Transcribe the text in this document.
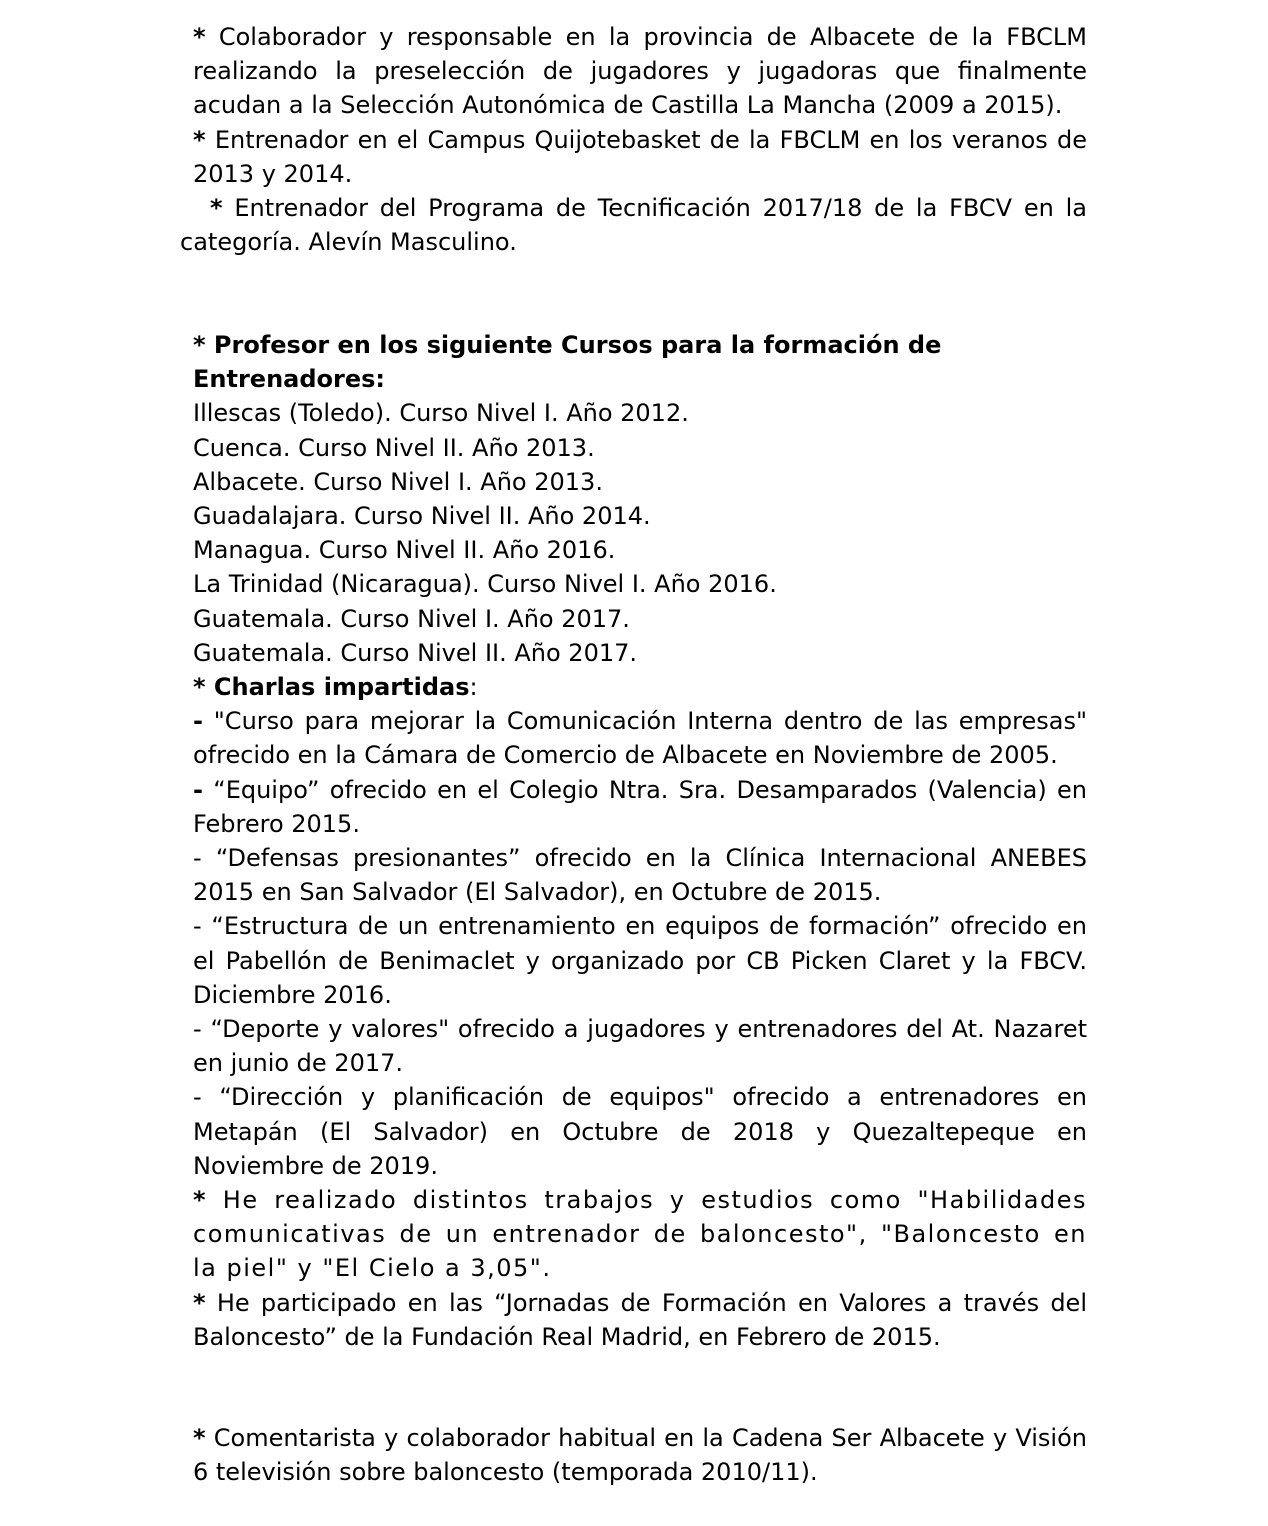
* Colaborador y responsable en la provincia de Albacete de la FBCLM realizando la preselección de jugadores y jugadoras que finalmente acudan a la Selección Autonómica de Castilla La Mancha (2009 a 2015).
* Entrenador en el Campus Quijotebasket de la FBCLM en los veranos de 2013 y 2014.
* Entrenador del Programa de Tecnificación 2017/18 de la FBCV en la categoría. Alevín Masculino.
* Profesor en los siguiente Cursos para la formación de Entrenadores:
Illescas (Toledo). Curso Nivel I. Año 2012.
Cuenca. Curso Nivel II. Año 2013.
Albacete. Curso Nivel I. Año 2013.
Guadalajara. Curso Nivel II. Año 2014.
Managua. Curso Nivel II. Año 2016.
La Trinidad (Nicaragua). Curso Nivel I. Año 2016.
Guatemala. Curso Nivel I. Año 2017.
Guatemala. Curso Nivel II. Año 2017.
* Charlas impartidas:
- "Curso para mejorar la Comunicación Interna dentro de las empresas" ofrecido en la Cámara de Comercio de Albacete en Noviembre de 2005.
- “Equipo” ofrecido en el Colegio Ntra. Sra. Desamparados (Valencia) en Febrero 2015.
- “Defensas presionantes” ofrecido en la Clínica Internacional ANEBES 2015 en San Salvador (El Salvador), en Octubre de 2015.
- “Estructura de un entrenamiento en equipos de formación” ofrecido en el Pabellón de Benimaclet y organizado por CB Picken Claret y la FBCV. Diciembre 2016.
- “Deporte y valores" ofrecido a jugadores y entrenadores del At. Nazaret en junio de 2017.
- “Dirección y planificación de equipos" ofrecido a entrenadores en Metapán (El Salvador) en Octubre de 2018 y Quezaltepeque en Noviembre de 2019.
* He realizado distintos trabajos y estudios como "Habilidades comunicativas de un entrenador de baloncesto", "Baloncesto en la piel" y "El Cielo a 3,05".
* He participado en las “Jornadas de Formación en Valores a través del Baloncesto” de la Fundación Real Madrid, en Febrero de 2015.
* Comentarista y colaborador habitual en la Cadena Ser Albacete y Visión 6 televisión sobre baloncesto (temporada 2010/11).
